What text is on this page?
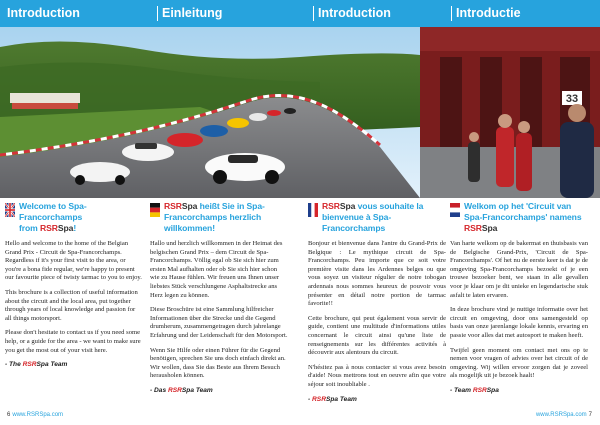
Introduction	Einleitung	Introduction	Introductie
33
Welcome to Spa-Francorchamps
from RSRSpa!

Hello and welcome to the home of the Belgian Grand Prix - Circuit de Spa-Francorchamps. Regardless if it's your first visit to the area, or you're a bona fide regular, we're happy to present our favourite piece of twisty tarmac to you to enjoy.

This brochure is a collection of useful information about the circuit and the local area, put together through years of local knowledge and passion for all things motorsport.

Please don't hesitate to contact us if you need some help, or a guide for the area - we want to make sure you get the most out of your visit here.

- The RSRSpa Team
RSRSpa heißt Sie in Spa-Francorchamps herzlich willkommen!

Hallo und herzlich willkommen in der Heimat des belgischen Grand Prix – dem Circuit de Spa-Francorchamps. Völlig egal ob Sie sich hier zum ersten Mal aufhalten oder ob Sie sich hier schon wie zu Hause fühlen. Wir freuen uns Ihnen unser liebstes Stück verschlungene Asphaltstrecke ans Herz legen zu können.

Diese Broschüre ist eine Sammlung hilfreicher Informationen über die Strecke und die Gegend drumherum, zusammengetragen durch jahrelange Erfahrung und der Leidenschaft für den Motorsport.

Wenn Sie Hilfe oder einen Führer für die Gegend benötigen, sprechen Sie uns doch einfach direkt an. Wir wollen, dass Sie das Beste aus Ihrem Besuch herausholen können.

- Das RSRSpa Team
RSRSpa vous souhaite la bienvenue à Spa-Francorchamps

Bonjour et bienvenue dans l'antre du Grand-Prix de Belgique : Le mythique circuit de Spa-Francorchamps. Peu importe que ce soit votre première visite dans les Ardennes belges ou que vous soyez un visiteur régulier de notre tobogan ardennais nous sommes heureux de pouvoir vous présenter en détail notre portion de tarmac favorite!!

Cette brochure, qui peut également vous servir de guide, contient une multitude d'informations utiles concernant le circuit ainsi qu'une liste de renseignements sur les différentes activités à découvrir aux alentours du circuit.

N'hésitez pas à nous contacter si vous avez besoin d'aide! Nous mettrons tout en oeuvre afin que votre séjour soit inoubliable .

- RSRSpa Team
Welkom op het 'Circuit van Spa-Francorchamps' namens RSRSpa

Van harte welkom op de bakermat en thuisbasis van de Belgische Grand-Prix, 'Circuit de Spa-Francorchamps'. Of het nu de eerste keer is dat je de omgeving Spa-Francorchamps bezoekt of je een trouwe bezoeker bent, we staan in alle gevallen voor je klaar om je dit unieke en legendarische stuk asfalt te laten ervaren.

In deze brochure vind je nuttige informatie over het circuit en omgeving, door ons samengesteld op basis van onze jarenlange lokale kennis, ervaring en passie voor alles dat met autosport te maken heeft.

Twijfel geen moment om contact met ons op te nemen voor vragen of advies over het circuit of de omgeving. Wij willen ervoor zorgen dat je zoveel als mogelijk uit je bezoek haalt!

- Team RSRSpa
6 www.RSRSpa.com	www.RSRSpa.com 7
